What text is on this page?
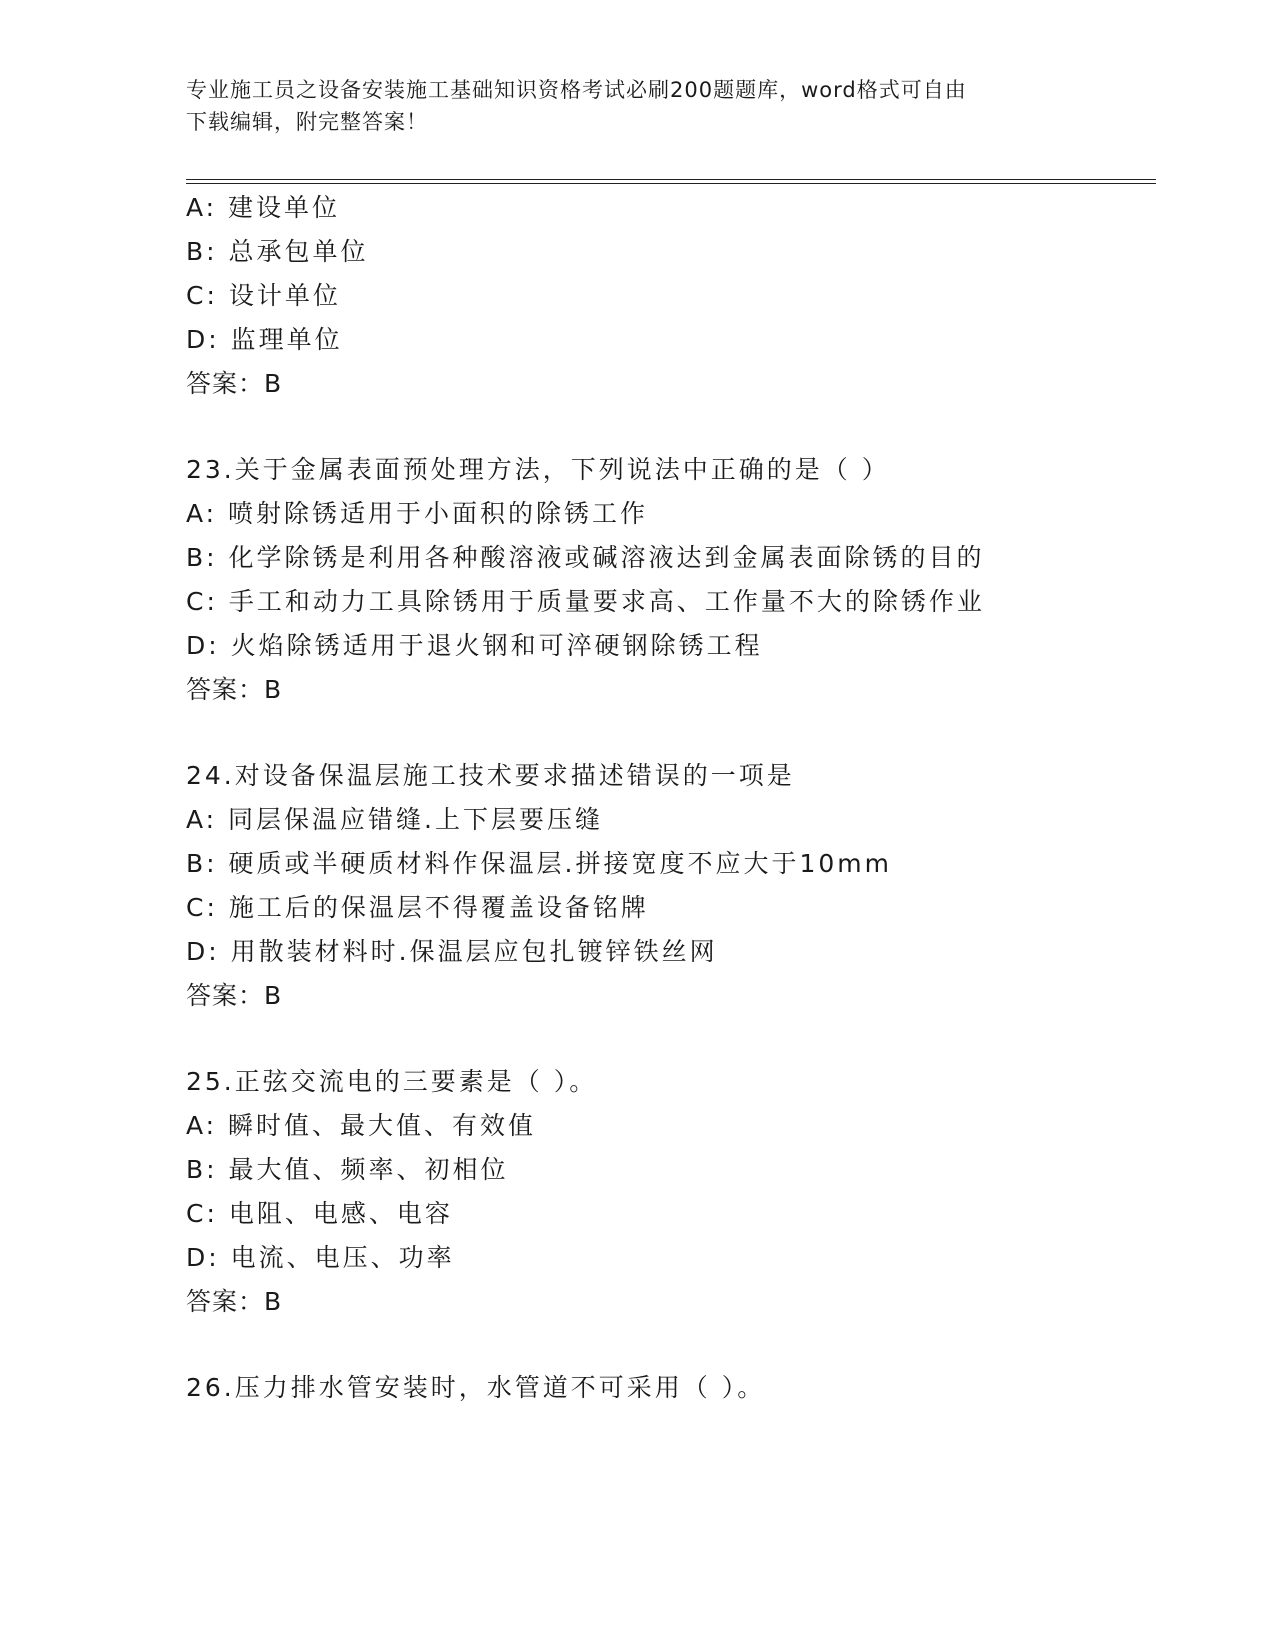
专业施工员之设备安装施工基础知识资格考试必刷200题题库，word格式可自由
下载编辑，附完整答案！
A: 建设单位
B: 总承包单位
C: 设计单位
D: 监理单位
答案：B
23.关于金属表面预处理方法，下列说法中正确的是（ ）
A: 喷射除锈适用于小面积的除锈工作
B: 化学除锈是利用各种酸溶液或碱溶液达到金属表面除锈的目的
C: 手工和动力工具除锈用于质量要求高、工作量不大的除锈作业
D: 火焰除锈适用于退火钢和可淬硬钢除锈工程
答案：B
24.对设备保温层施工技术要求描述错误的一项是
A: 同层保温应错缝.上下层要压缝
B: 硬质或半硬质材料作保温层.拼接宽度不应大于10mm
C: 施工后的保温层不得覆盖设备铭牌
D: 用散装材料时.保温层应包扎镀锌铁丝网
答案：B
25.正弦交流电的三要素是（ ）。
A: 瞬时值、最大值、有效值
B: 最大值、频率、初相位
C: 电阻、电感、电容
D: 电流、电压、功率
答案：B
26.压力排水管安装时，水管道不可采用（ ）。
